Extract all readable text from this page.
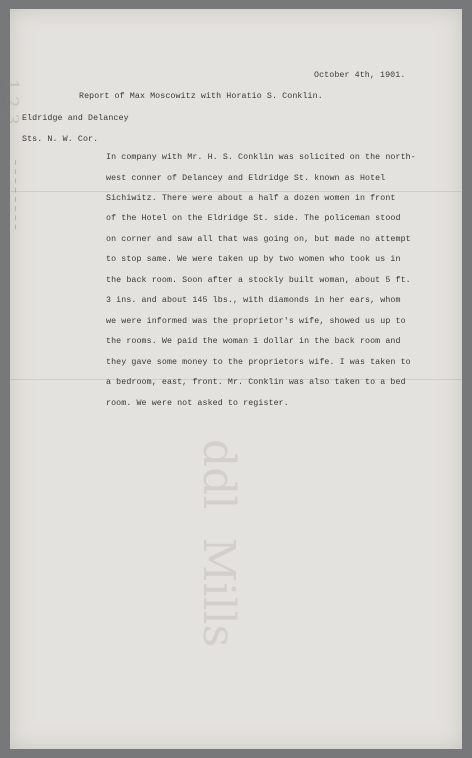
1 2 3
~ ~ ~ ~ ~ ~ ~ ~
ddl  Mills
October 4th, 1901.
Report of Max Moscowitz with Horatio S. Conklin.
Eldridge and Delancey
Sts. N. W. Cor.
In company with Mr. H. S. Conklin was solicited on the north-
west conner of Delancey and Eldridge St. known as Hotel
Sichiwitz. There were about a half a dozen women in front
of the Hotel on the Eldridge St. side. The policeman stood
on corner and saw all that was going on, but made no attempt
to stop same. We were taken up by two women who took us in
the back room. Soon after a stockly built woman, about 5 ft.
3 ins. and about 145 lbs., with diamonds in her ears, whom
we were informed was the proprietor's wife, showed us up to
the rooms. We paid the woman 1 dollar in the back room and
they gave some money to the proprietors wife. I was taken to
a bedroom, east, front. Mr. Conklin was also taken to a bed
room. We were not asked to register.
